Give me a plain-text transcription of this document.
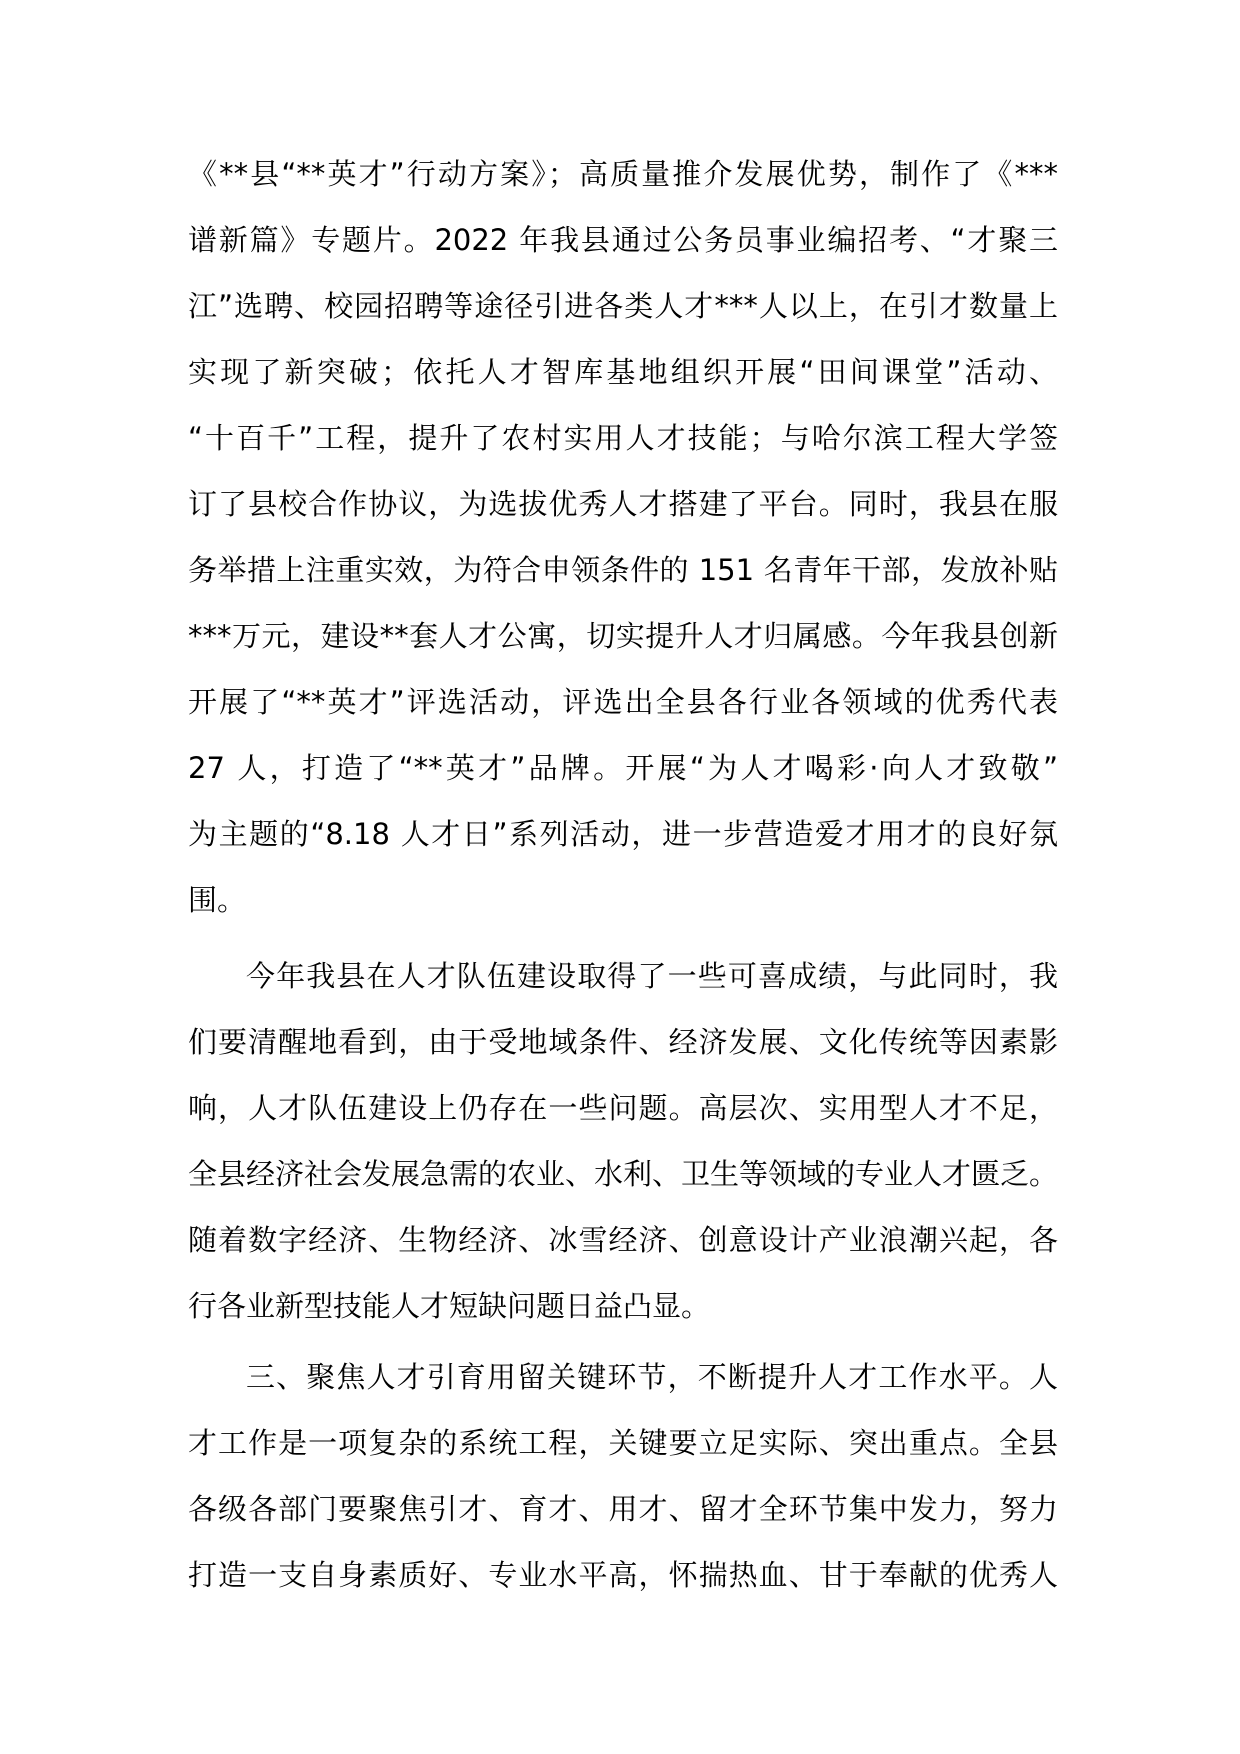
《**县“**英才”行动方案》；高质量推介发展优势，制作了《***
谱新篇》专题片。2022 年我县通过公务员事业编招考、“才聚三
江”选聘、校园招聘等途径引进各类人才***人以上，在引才数量上
实现了新突破；依托人才智库基地组织开展“田间课堂”活动、
“十百千”工程，提升了农村实用人才技能；与哈尔滨工程大学签
订了县校合作协议，为选拔优秀人才搭建了平台。同时，我县在服
务举措上注重实效，为符合申领条件的 151 名青年干部，发放补贴
***万元，建设**套人才公寓，切实提升人才归属感。今年我县创新
开展了“**英才”评选活动，评选出全县各行业各领域的优秀代表
27 人，打造了“**英才”品牌。开展“为人才喝彩·向人才致敬”
为主题的“8.18 人才日”系列活动，进一步营造爱才用才的良好氛
围。
今年我县在人才队伍建设取得了一些可喜成绩，与此同时，我
们要清醒地看到，由于受地域条件、经济发展、文化传统等因素影
响，人才队伍建设上仍存在一些问题。高层次、实用型人才不足，
全县经济社会发展急需的农业、水利、卫生等领域的专业人才匮乏。
随着数字经济、生物经济、冰雪经济、创意设计产业浪潮兴起，各
行各业新型技能人才短缺问题日益凸显。
三、聚焦人才引育用留关键环节，不断提升人才工作水平。人
才工作是一项复杂的系统工程，关键要立足实际、突出重点。全县
各级各部门要聚焦引才、育才、用才、留才全环节集中发力，努力
打造一支自身素质好、专业水平高，怀揣热血、甘于奉献的优秀人
